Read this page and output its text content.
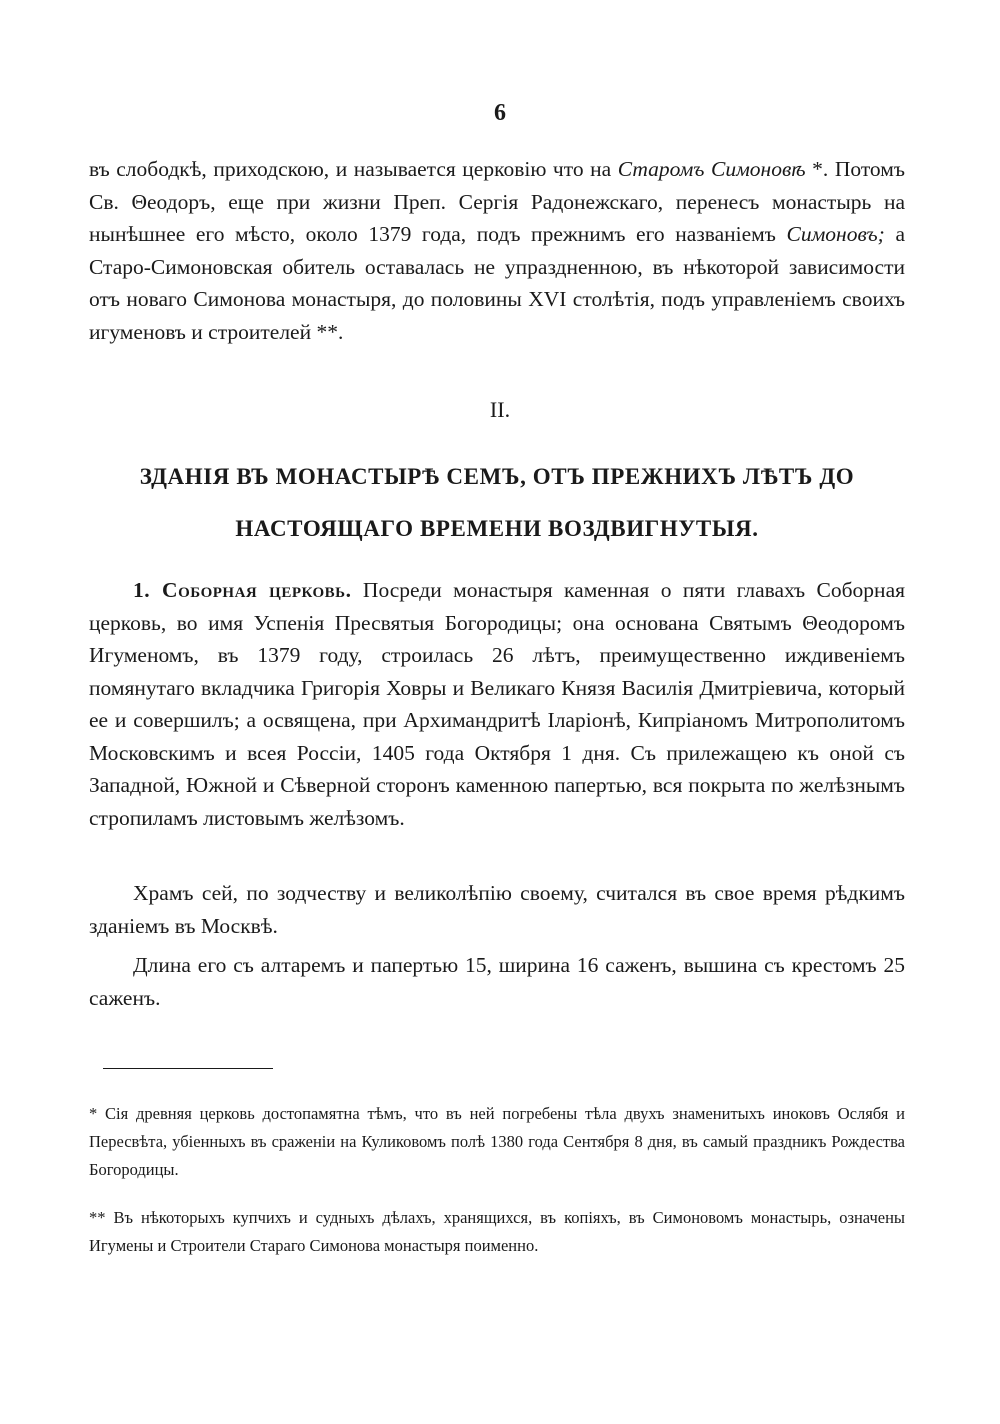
6

въ слободкѣ, приходскою, и называется церковію что на Старомъ Симоновѣ *. Потомъ Св. Θеодоръ, еще при жизни Преп. Сергія Радонежскаго, перенесъ монастырь на нынѣшнее его мѣсто, около 1379 года, подъ прежнимъ его названіемъ Симоновъ; а Старо-Симоновская обитель оставалась не упраздненною, въ нѣкоторой зависимости отъ новаго Симонова монастыря, до половины XVI столѣтія, подъ управленіемъ своихъ игуменовъ и строителей **.

II.
ЗДАНІЯ ВЪ МОНАСТЫРѢ СЕМЪ, ОТЪ ПРЕЖНИХЪ ЛѢТЪ ДО НАСТОЯЩАГО ВРЕМЕНИ ВОЗДВИГНУТЫЯ.

1. Соборная церковь. Посреди монастыря каменная о пяти главахъ Соборная церковь, во имя Успенія Пресвятыя Богородицы; она основана Святымъ Θеодоромъ Игуменомъ, въ 1379 году, строилась 26 лѣтъ, преимущественно иждивеніемъ помянутаго вкладчика Григорія Ховры и Великаго Князя Василія Дмитріевича, который ее и совершилъ; а освящена, при Архимандритѣ Іларіонѣ, Кипріаномъ Митрополитомъ Московскимъ и всея Россіи, 1405 года Октября 1 дня. Съ прилежащею къ оной съ Западной, Южной и Сѣверной сторонъ каменною папертью, вся покрыта по желѣзнымъ стропиламъ листовымъ желѣзомъ.

Храмъ сей, по зодчеству и великолѣпію своему, считался въ свое время рѣдкимъ зданіемъ въ Москвѣ.

Длина его съ алтаремъ и папертью 15, ширина 16 саженъ, вышина съ крестомъ 25 саженъ.

* Сія древняя церковь достопамятна тѣмъ, что въ ней погребены тѣла двухъ знаменитыхъ иноковъ Ослябя и Пересвѣта, убіенныхъ въ сраженіи на Куликовомъ полѣ 1380 года Сентября 8 дня, въ самый праздникъ Рождества Богородицы.

** Въ нѣкоторыхъ купчихъ и судныхъ дѣлахъ, хранящихся, въ копіяхъ, въ Симоновомъ монастырь, означены Игумены и Строители Стараго Симонова монастыря поименно.
